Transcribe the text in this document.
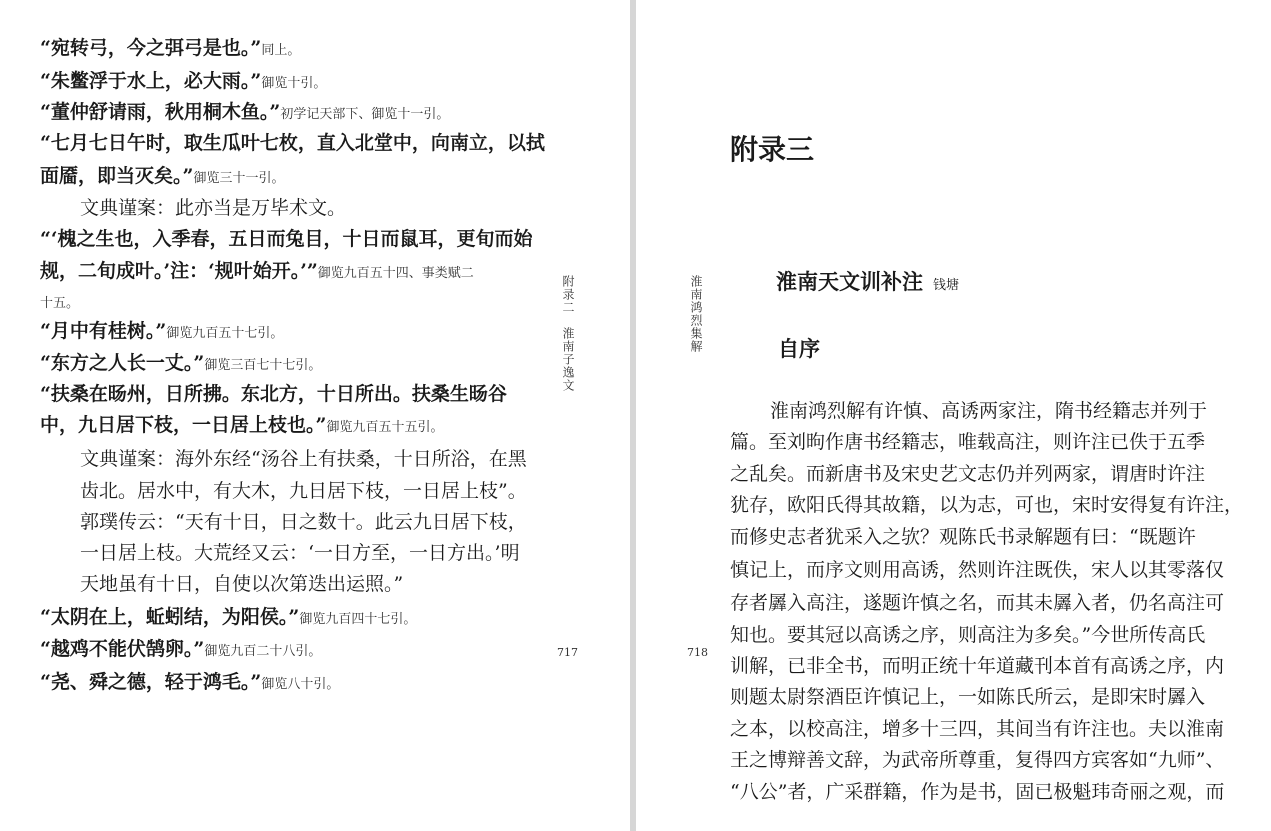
“宛转弓，今之弭弓是也。”同上。
“朱鳖浮于水上，必大雨。”御览十引。
“董仲舒请雨，秋用桐木鱼。”初学记天部下、御览十一引。
“七月七日午时，取生瓜叶七枚，直入北堂中，向南立，以拭
面靥，即当灭矣。”御览三十一引。
文典谨案：此亦当是万毕术文。
“‘槐之生也，入季春，五日而兔目，十日而鼠耳，更旬而始
规，二旬成叶。’注：‘规叶始开。’”御览九百五十四、事类赋二
十五。
“月中有桂树。”御览九百五十七引。
“东方之人长一丈。”御览三百七十七引。
“扶桑在旸州，日所拂。东北方，十日所出。扶桑生旸谷
中，九日居下枝，一日居上枝也。”御览九百五十五引。
文典谨案：海外东经“汤谷上有扶桑，十日所浴，在黑
齿北。居水中，有大木，九日居下枝，一日居上枝”。
郭璞传云：“天有十日，日之数十。此云九日居下枝，
一日居上枝。大荒经又云：‘一日方至，一日方出。’明
天地虽有十日，自使以次第迭出运照。”
“太阴在上，蚯蚓结，为阳侯。”御览九百四十七引。
“越鸡不能伏鹄卵。”御览九百二十八引。
“尧、舜之德，轻于鸿毛。”御览八十引。
附录二　淮南子逸文
717
淮南鸿烈集解
718
附录三
淮南天文训补注 钱塘
自序
淮南鸿烈解有许慎、高诱两家注，隋书经籍志并列于
篇。至刘昫作唐书经籍志，唯载高注，则许注已佚于五季
之乱矣。而新唐书及宋史艺文志仍并列两家，谓唐时许注
犹存，欧阳氏得其故籍，以为志，可也，宋时安得复有许注，
而修史志者犹采入之欤？观陈氏书录解题有曰：“既题许
慎记上，而序文则用高诱，然则许注既佚，宋人以其零落仅
存者羼入高注，遂题许慎之名，而其未羼入者，仍名高注可
知也。要其冠以高诱之序，则高注为多矣。”今世所传高氏
训解，已非全书，而明正统十年道藏刊本首有高诱之序，内
则题太尉祭酒臣许慎记上，一如陈氏所云，是即宋时羼入
之本，以校高注，增多十三四，其间当有许注也。夫以淮南
王之博辩善文辞，为武帝所尊重，复得四方宾客如“九师”、
“八公”者，广采群籍，作为是书，固已极魁玮奇丽之观，而
